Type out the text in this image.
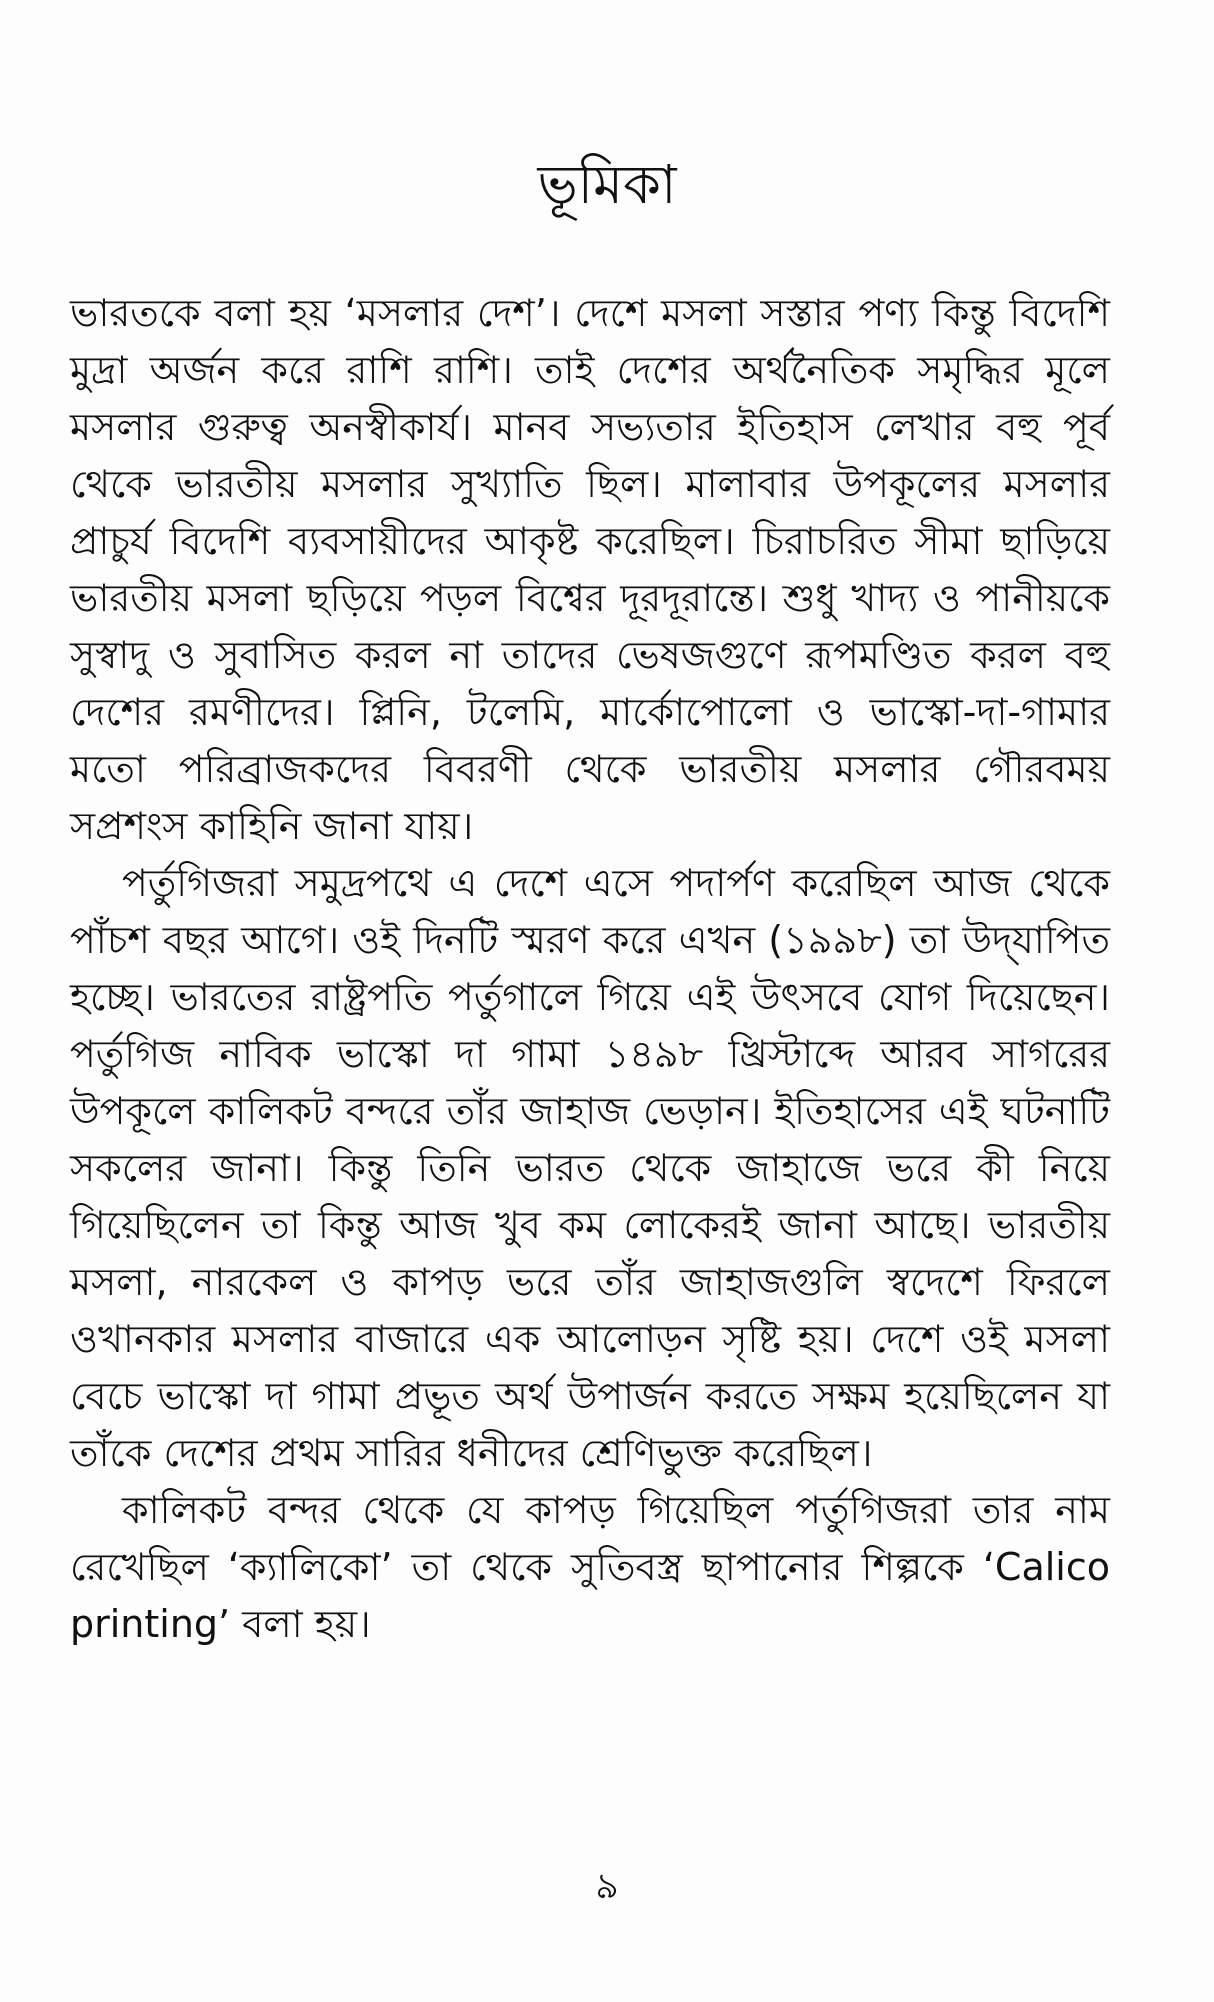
ভূমিকা

ভারতকে বলা হয় ‘মসলার দেশ’। দেশে মসলা সস্তার পণ্য কিন্তু বিদেশি মুদ্রা অর্জন করে রাশি রাশি। তাই দেশের অর্থনৈতিক সমৃদ্ধির মূলে মসলার গুরুত্ব অনস্বীকার্য। মানব সভ্যতার ইতিহাস লেখার বহু পূর্ব থেকে ভারতীয় মসলার সুখ্যাতি ছিল। মালাবার উপকূলের মসলার প্রাচুর্য বিদেশি ব্যবসায়ীদের আকৃষ্ট করেছিল। চিরাচরিত সীমা ছাড়িয়ে ভারতীয় মসলা ছড়িয়ে পড়ল বিশ্বের দূরদূরান্তে। শুধু খাদ্য ও পানীয়কে সুস্বাদু ও সুবাসিত করল না তাদের ভেষজগুণে রূপমণ্ডিত করল বহু দেশের রমণীদের। প্লিনি, টলেমি, মার্কোপোলো ও ভাস্কো-দা-গামার মতো পরিব্রাজকদের বিবরণী থেকে ভারতীয় মসলার গৌরবময় সপ্রশংস কাহিনি জানা যায়।

পর্তুগিজরা সমুদ্রপথে এ দেশে এসে পদার্পণ করেছিল আজ থেকে পাঁচশ বছর আগে। ওই দিনটি স্মরণ করে এখন (১৯৯৮) তা উদ্‌যাপিত হচ্ছে। ভারতের রাষ্ট্রপতি পর্তুগালে গিয়ে এই উৎসবে যোগ দিয়েছেন। পর্তুগিজ নাবিক ভাস্কো দা গামা ১৪৯৮ খ্রিস্টাব্দে আরব সাগরের উপকূলে কালিকট বন্দরে তাঁর জাহাজ ভেড়ান। ইতিহাসের এই ঘটনাটি সকলের জানা। কিন্তু তিনি ভারত থেকে জাহাজে ভরে কী নিয়ে গিয়েছিলেন তা কিন্তু আজ খুব কম লোকেরই জানা আছে। ভারতীয় মসলা, নারকেল ও কাপড় ভরে তাঁর জাহাজগুলি স্বদেশে ফিরলে ওখানকার মসলার বাজারে এক আলোড়ন সৃষ্টি হয়। দেশে ওই মসলা বেচে ভাস্কো দা গামা প্রভূত অর্থ উপার্জন করতে সক্ষম হয়েছিলেন যা তাঁকে দেশের প্রথম সারির ধনীদের শ্রেণিভুক্ত করেছিল।

কালিকট বন্দর থেকে যে কাপড় গিয়েছিল পর্তুগিজরা তার নাম রেখেছিল ‘ক্যালিকো’ তা থেকে সুতিবস্ত্র ছাপানোর শিল্পকে ‘Calico printing’ বলা হয়।

৯
